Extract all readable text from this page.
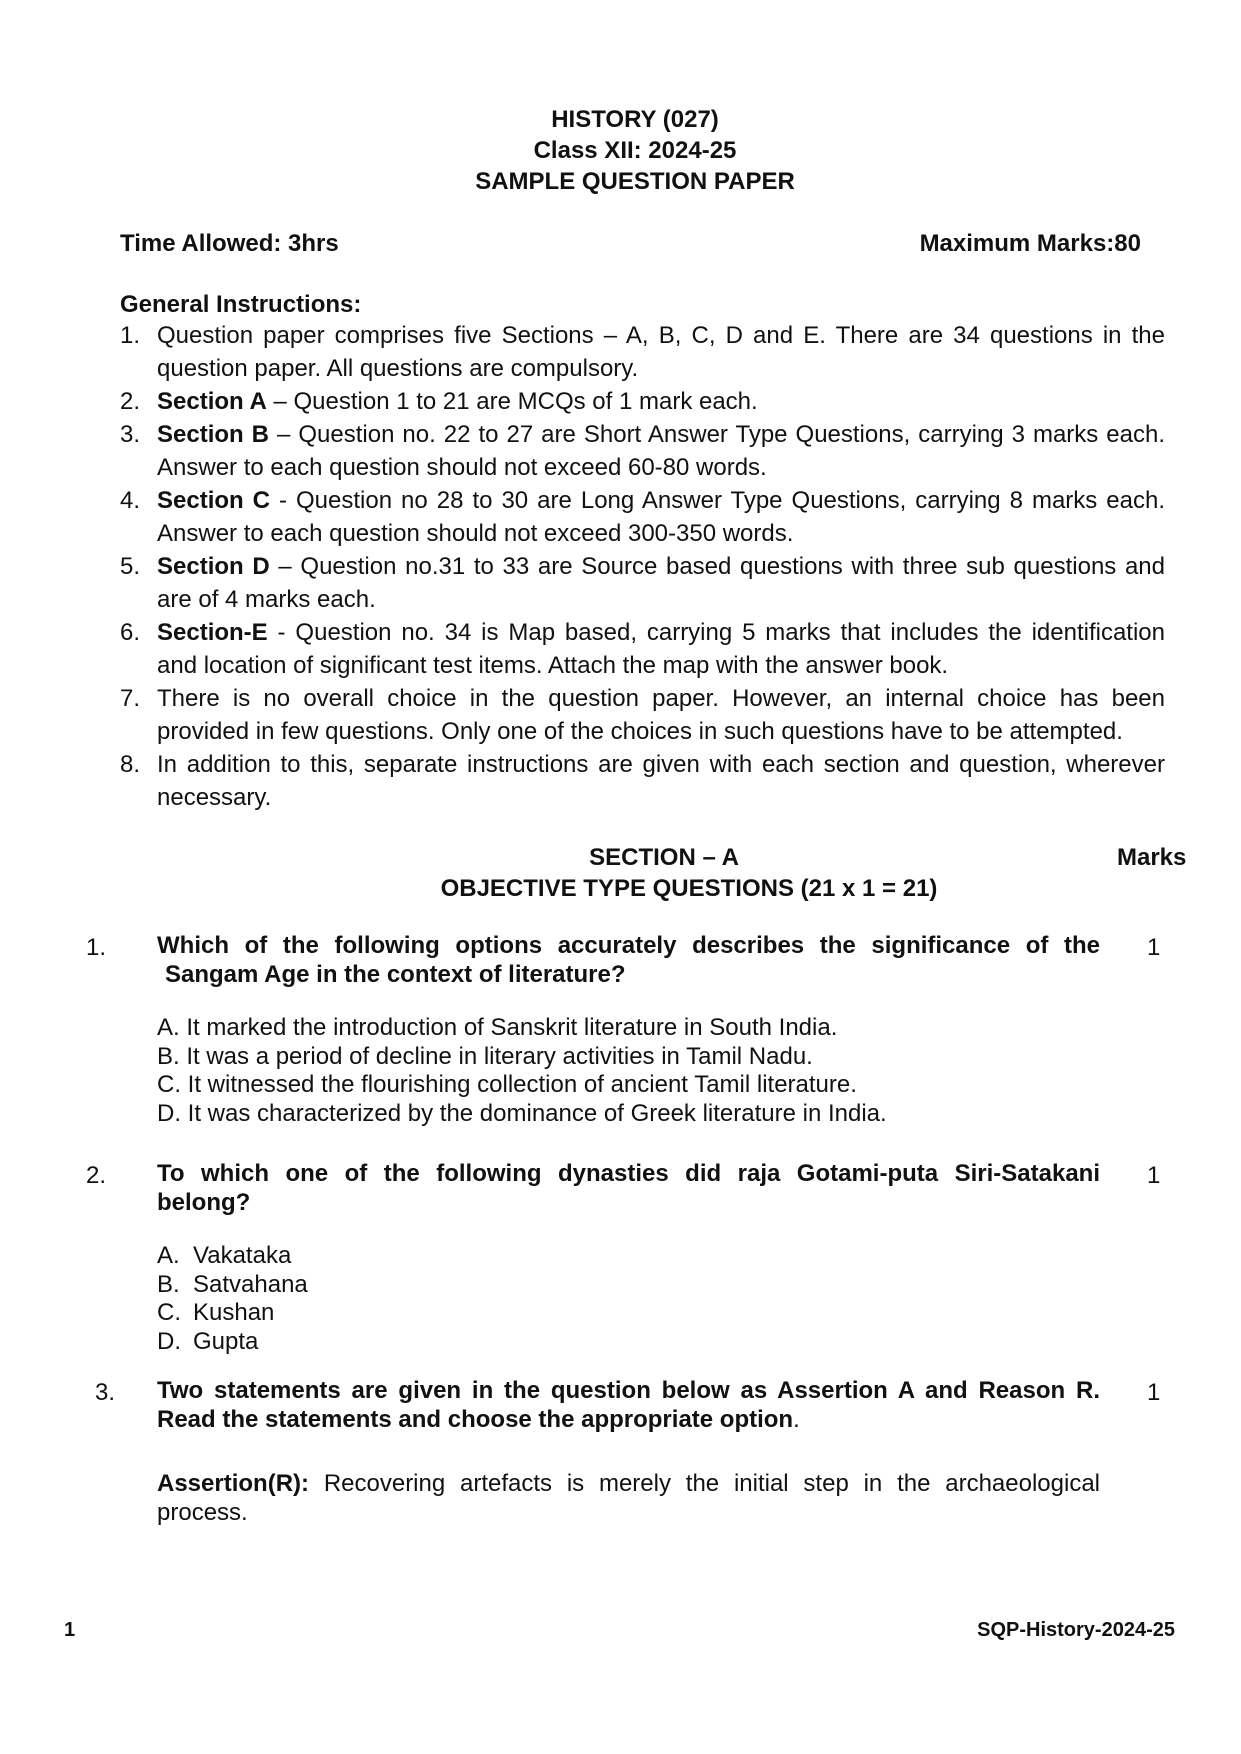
HISTORY (027)
Class XII: 2024-25
SAMPLE QUESTION PAPER
Time Allowed: 3hrs	Maximum Marks:80
General Instructions:
1. Question paper comprises five Sections – A, B, C, D and E. There are 34 questions in the question paper. All questions are compulsory.
2. Section A – Question 1 to 21 are MCQs of 1 mark each.
3. Section B – Question no. 22 to 27 are Short Answer Type Questions, carrying 3 marks each. Answer to each question should not exceed 60-80 words.
4. Section C - Question no 28 to 30 are Long Answer Type Questions, carrying 8 marks each. Answer to each question should not exceed 300-350 words.
5. Section D – Question no.31 to 33 are Source based questions with three sub questions and are of 4 marks each.
6. Section-E - Question no. 34 is Map based, carrying 5 marks that includes the identification and location of significant test items. Attach the map with the answer book.
7. There is no overall choice in the question paper. However, an internal choice has been provided in few questions. Only one of the choices in such questions have to be attempted.
8. In addition to this, separate instructions are given with each section and question, wherever necessary.
SECTION – A	Marks
OBJECTIVE TYPE QUESTIONS (21 x 1 = 21)
1. Which of the following options accurately describes the significance of the
Sangam Age in the context of literature?
1
A. It marked the introduction of Sanskrit literature in South India.
B. It was a period of decline in literary activities in Tamil Nadu.
C. It witnessed the flourishing collection of ancient Tamil literature.
D. It was characterized by the dominance of Greek literature in India.
2. To which one of the following dynasties did raja Gotami-puta Siri-Satakani
belong?
1
A. Vakataka
B. Satvahana
C. Kushan
D. Gupta
3. Two statements are given in the question below as Assertion A and Reason R.
Read the statements and choose the appropriate option.
1
Assertion(R): Recovering artefacts is merely the initial step in the archaeological process.
1	SQP-History-2024-25
